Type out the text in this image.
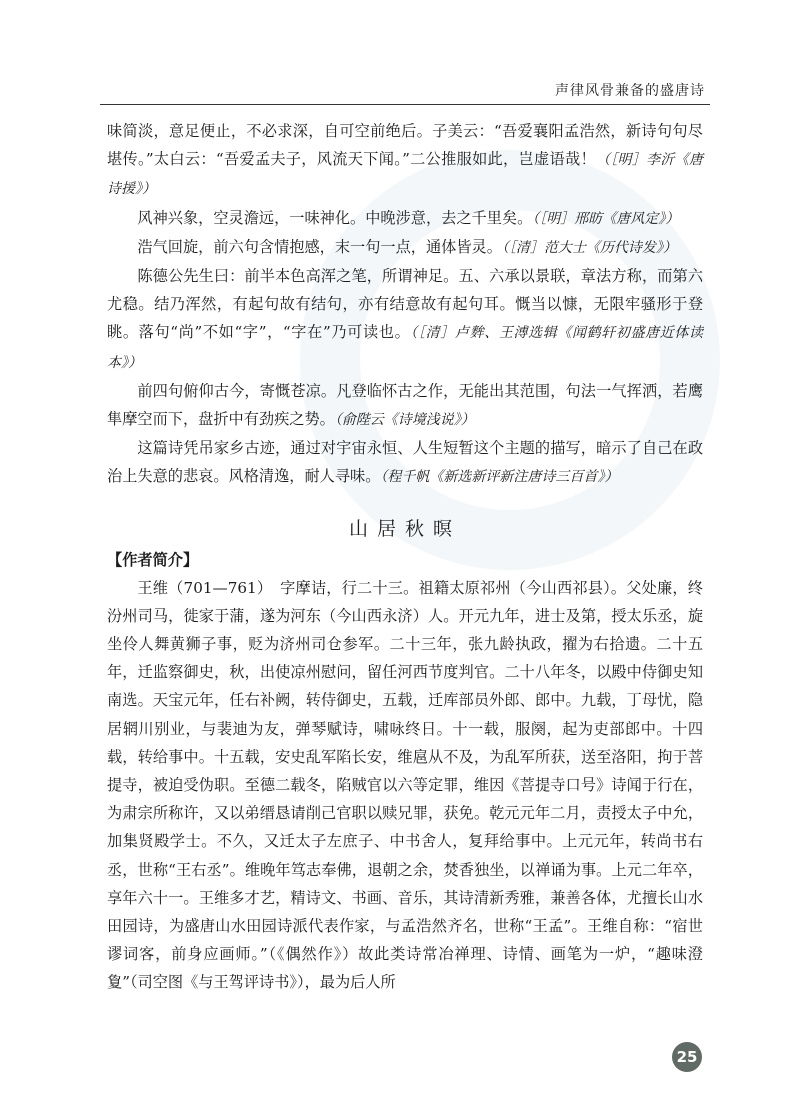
声律风骨兼备的盛唐诗

味简淡，意足便止，不必求深，自可空前绝后。子美云：“吾爱襄阳孟浩然，新诗句句尽堪传。”太白云：“吾爱孟夫子，风流天下闻。”二公推服如此，岂虚语哉！（［明］李沂《唐诗援》）

风神兴象，空灵澹远，一味神化。中晚涉意，去之千里矣。（［明］邢昉《唐风定》）

浩气回旋，前六句含情抱感，末一句一点，通体皆灵。（［清］范大士《历代诗发》）

陈德公先生曰：前半本色高浑之笔，所谓神足。五、六承以景联，章法方称，而第六尤稳。结乃浑然，有起句故有结句，亦有结意故有起句耳。慨当以慷，无限牢骚形于登眺。落句“尚”不如“字”，“字在”乃可读也。（［清］卢麰、王溥选辑《闻鹤轩初盛唐近体读本》）

前四句俯仰古今，寄慨苍凉。凡登临怀古之作，无能出其范围，句法一气挥洒，若鹰隼摩空而下，盘折中有劲疾之势。（俞陛云《诗境浅说》）

这篇诗凭吊家乡古迹，通过对宇宙永恒、人生短暂这个主题的描写，暗示了自己在政治上失意的悲哀。风格清逸，耐人寻味。（程千帆《新选新评新注唐诗三百首》）

山居秋暝
【作者简介】

王维（701—761）　字摩诘，行二十三。祖籍太原祁州（今山西祁县）。父处廉，终汾州司马，徙家于蒲，遂为河东（今山西永济）人。开元九年，进士及第，授太乐丞，旋坐伶人舞黄狮子事，贬为济州司仓参军。二十三年，张九龄执政，擢为右拾遗。二十五年，迁监察御史，秋，出使凉州慰问，留任河西节度判官。二十八年冬，以殿中侍御史知南选。天宝元年，任右补阙，转侍御史，五载，迁库部员外郎、郎中。九载，丁母忧，隐居辋川别业，与裴迪为友，弹琴赋诗，啸咏终日。十一载，服阕，起为吏部郎中。十四载，转给事中。十五载，安史乱军陷长安，维扈从不及，为乱军所获，送至洛阳，拘于菩提寺，被迫受伪职。至德二载冬，陷贼官以六等定罪，维因《菩提寺口号》诗闻于行在，为肃宗所称许，又以弟缙恳请削己官职以赎兄罪，获免。乾元元年二月，责授太子中允，加集贤殿学士。不久，又迁太子左庶子、中书舍人，复拜给事中。上元元年，转尚书右丞，世称“王右丞”。维晚年笃志奉佛，退朝之余，焚香独坐，以禅诵为事。上元二年卒，享年六十一。王维多才艺，精诗文、书画、音乐，其诗清新秀雅，兼善各体，尤擅长山水田园诗，为盛唐山水田园诗派代表作家，与孟浩然齐名，世称“王孟”。王维自称：“宿世谬词客，前身应画师。”（《偶然作》）故此类诗常冶禅理、诗情、画笔为一炉，“趣味澄夐”（司空图《与王驾评诗书》），最为后人所

25
